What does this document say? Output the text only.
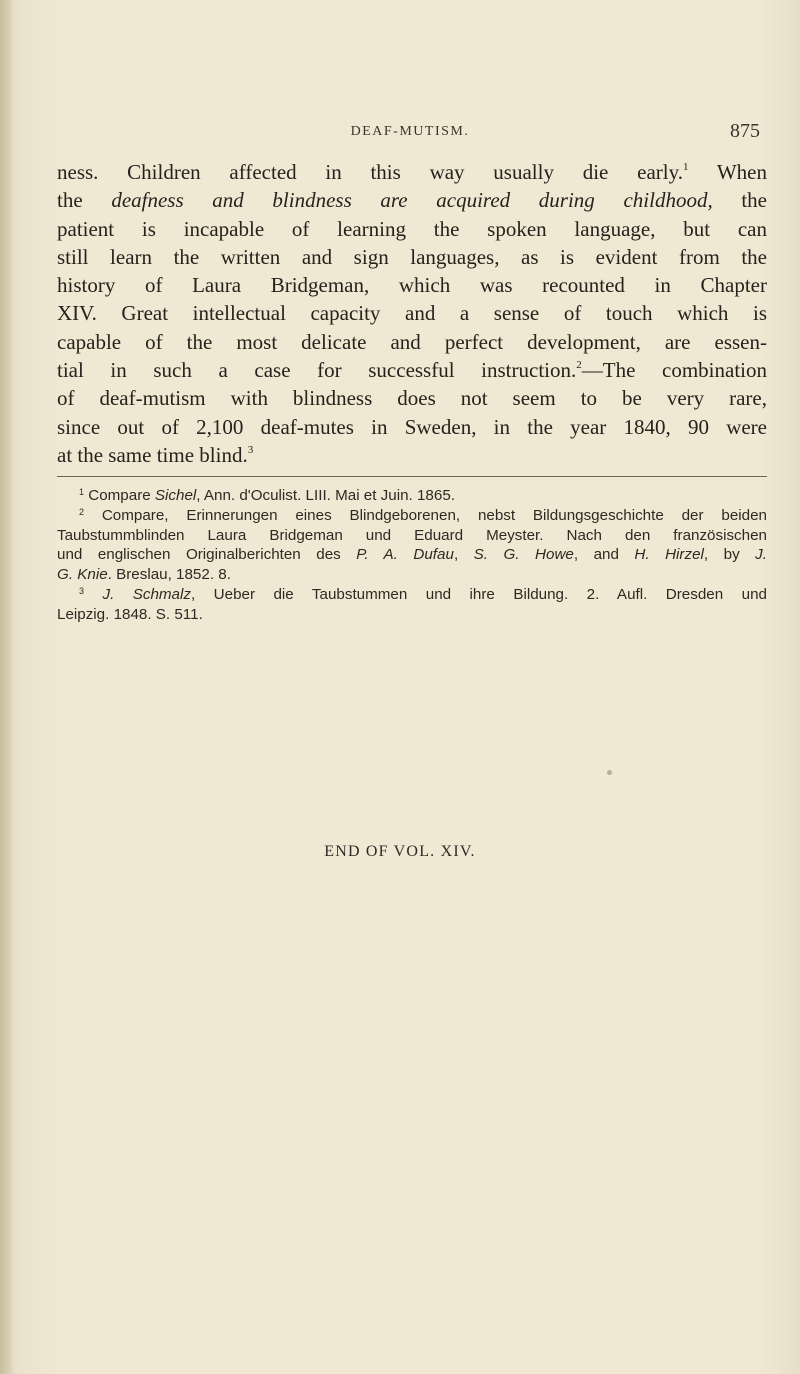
DEAF-MUTISM.	875
ness. Children affected in this way usually die early.$^1$ When
the deafness and blindness are acquired during childhood, the
patient is incapable of learning the spoken language, but can
still learn the written and sign languages, as is evident from the
history of Laura Bridgeman, which was recounted in Chapter
XIV. Great intellectual capacity and a sense of touch which is
capable of the most delicate and perfect development, are essen-
tial in such a case for successful instruction.$^2$—The combination
of deaf-mutism with blindness does not seem to be very rare,
since out of 2,100 deaf-mutes in Sweden, in the year 1840, 90 were
at the same time blind.$^3$
$^1$ Compare Sichel, Ann. d'Oculist. LIII. Mai et Juin. 1865.
$^2$ Compare, Erinnerungen eines Blindgeborenen, nebst Bildungsgeschichte der beiden
Taubstummblinden Laura Bridgeman und Eduard Meyster. Nach den französischen
und englischen Originalberichten des P. A. Dufau, S. G. Howe, and H. Hirzel, by J.
G. Knie. Breslau, 1852. 8.
$^3$ J. Schmalz, Ueber die Taubstummen und ihre Bildung. 2. Aufl. Dresden und
Leipzig. 1848. S. 511.
END OF VOL. XIV.
